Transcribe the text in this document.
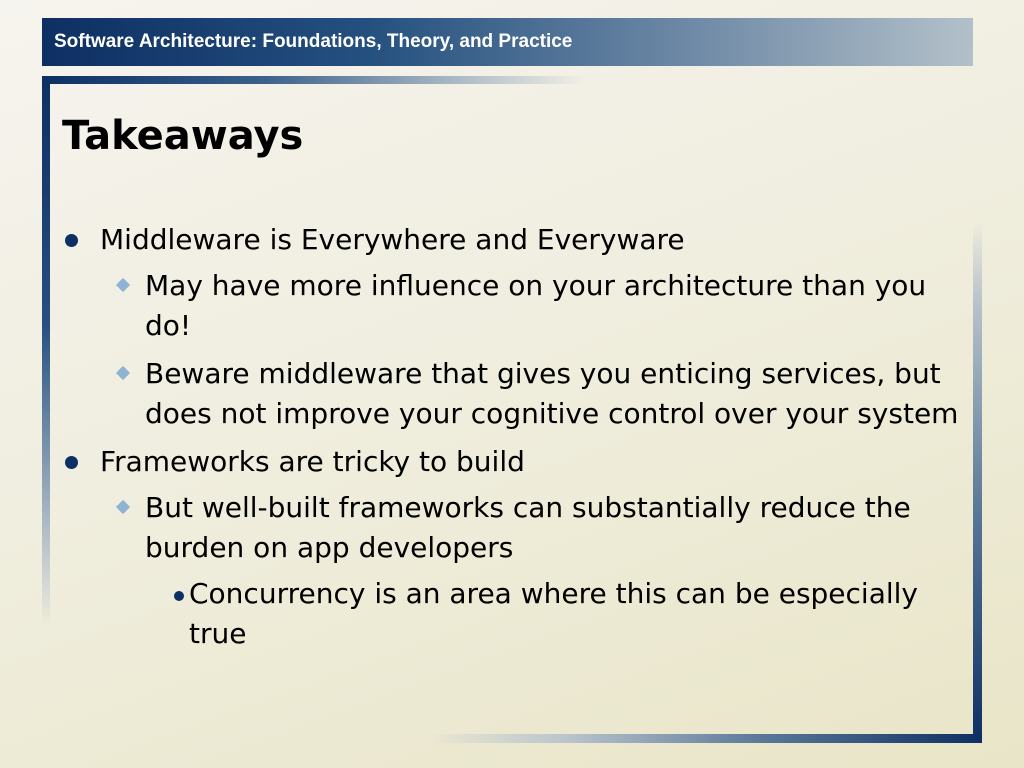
Software Architecture: Foundations, Theory, and Practice
Takeaways
Middleware is Everywhere and Everyware
May have more influence on your architecture than you do!
Beware middleware that gives you enticing services, but does not improve your cognitive control over your system
Frameworks are tricky to build
But well-built frameworks can substantially reduce the burden on app developers
Concurrency is an area where this can be especially true
